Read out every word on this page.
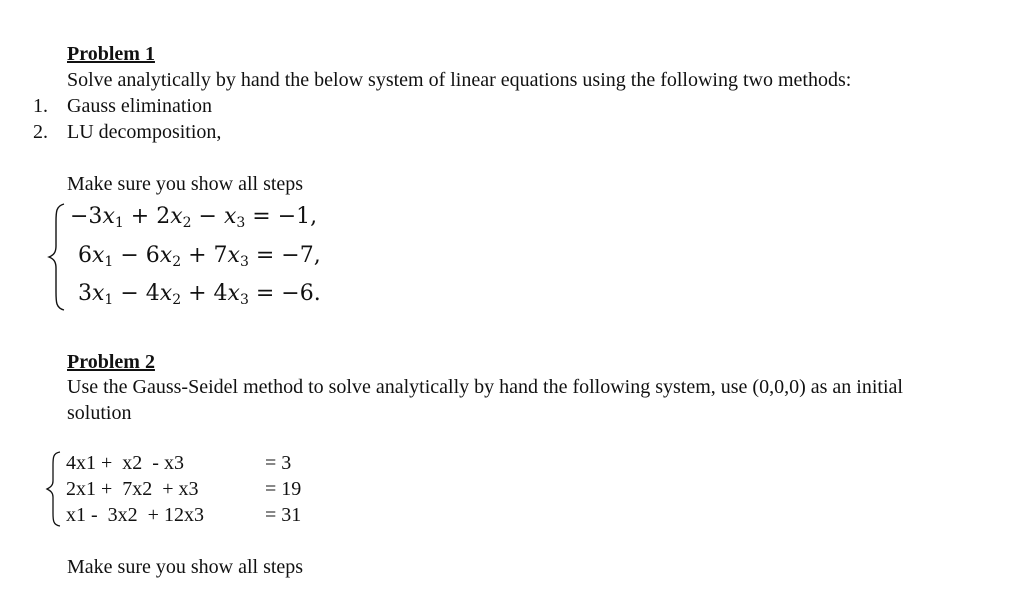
Problem 1
Solve analytically by hand the below system of linear equations using the following two methods:
1. Gauss elimination
2. LU decomposition,
Make sure you show all steps
$-3x_1 + 2x_2 - x_3 = -1$,
$6x_1 - 6x_2 + 7x_3 = -7$,
$3x_1 - 4x_2 + 4x_3 = -6$.
Problem 2
Use the Gauss-Seidel method to solve analytically by hand the following system, use (0,0,0) as an initial
solution
4x1 +  x2  - x3	= 3
2x1 +  7x2  + x3	= 19
x1 -  3x2  + 12x3	= 31
Make sure you show all steps
